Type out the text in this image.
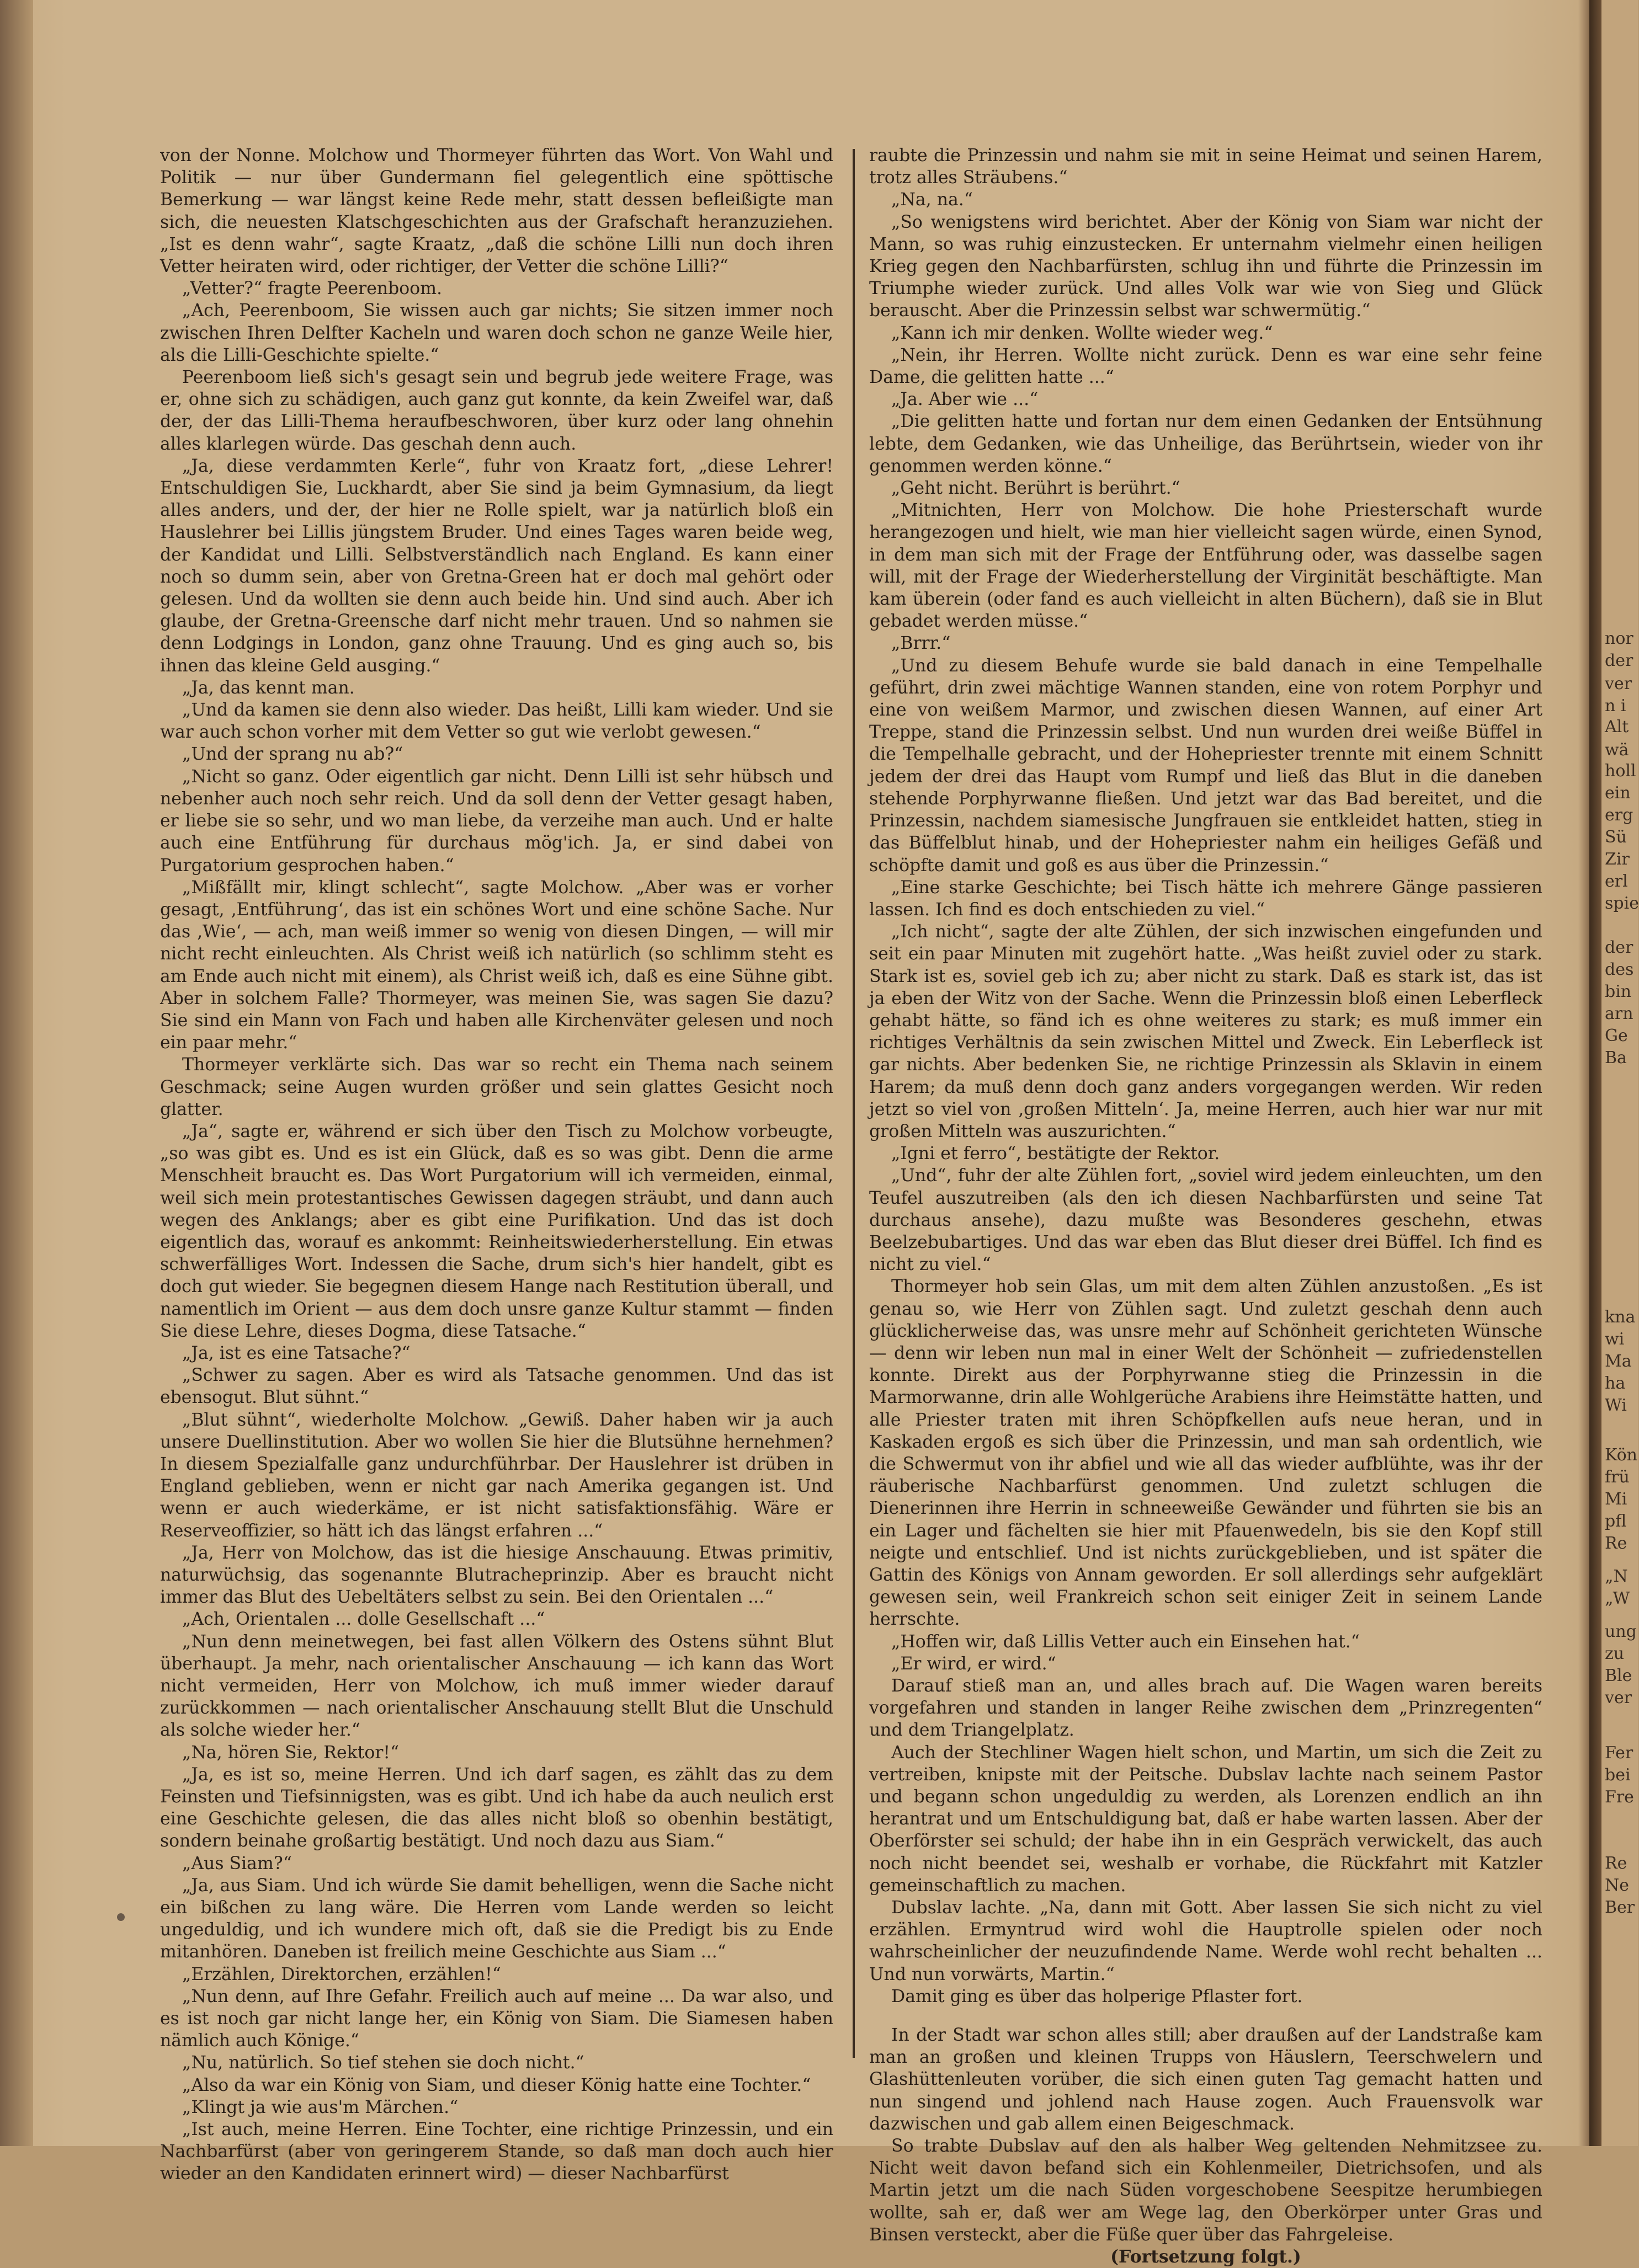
von der Nonne. Molchow und Thormeyer führten das Wort. Von Wahl und Politik — nur über Gundermann fiel gelegentlich eine spöttische Bemerkung — war längst keine Rede mehr, statt dessen befleißigte man sich, die neuesten Klatschgeschichten aus der Grafschaft heranzuziehen. „Ist es denn wahr“, sagte Kraatz, „daß die schöne Lilli nun doch ihren Vetter heiraten wird, oder richtiger, der Vetter die schöne Lilli?“

„Vetter?“ fragte Peerenboom.

„Ach, Peerenboom, Sie wissen auch gar nichts; Sie sitzen immer noch zwischen Ihren Delfter Kacheln und waren doch schon ne ganze Weile hier, als die Lilli-Geschichte spielte.“

Peerenboom ließ sich's gesagt sein und begrub jede weitere Frage, was er, ohne sich zu schädigen, auch ganz gut konnte, da kein Zweifel war, daß der, der das Lilli-Thema heraufbeschworen, über kurz oder lang ohnehin alles klarlegen würde. Das geschah denn auch.

„Ja, diese verdammten Kerle“, fuhr von Kraatz fort, „diese Lehrer! Entschuldigen Sie, Luckhardt, aber Sie sind ja beim Gymnasium, da liegt alles anders, und der, der hier ne Rolle spielt, war ja natürlich bloß ein Hauslehrer bei Lillis jüngstem Bruder. Und eines Tages waren beide weg, der Kandidat und Lilli. Selbstverständlich nach England. Es kann einer noch so dumm sein, aber von Gretna-Green hat er doch mal gehört oder gelesen. Und da wollten sie denn auch beide hin. Und sind auch. Aber ich glaube, der Gretna-Greensche darf nicht mehr trauen. Und so nahmen sie denn Lodgings in London, ganz ohne Trauung. Und es ging auch so, bis ihnen das kleine Geld ausging.“

„Ja, das kennt man.

„Und da kamen sie denn also wieder. Das heißt, Lilli kam wieder. Und sie war auch schon vorher mit dem Vetter so gut wie verlobt gewesen.“

„Und der sprang nu ab?“

„Nicht so ganz. Oder eigentlich gar nicht. Denn Lilli ist sehr hübsch und nebenher auch noch sehr reich. Und da soll denn der Vetter gesagt haben, er liebe sie so sehr, und wo man liebe, da verzeihe man auch. Und er halte auch eine Entführung für durchaus mög'ich. Ja, er sind dabei von Purgatorium gesprochen haben.“

„Mißfällt mir, klingt schlecht“, sagte Molchow. „Aber was er vorher gesagt, ‚Entführung‘, das ist ein schönes Wort und eine schöne Sache. Nur das ‚Wie‘, — ach, man weiß immer so wenig von diesen Dingen, — will mir nicht recht einleuchten. Als Christ weiß ich natürlich (so schlimm steht es am Ende auch nicht mit einem), als Christ weiß ich, daß es eine Sühne gibt. Aber in solchem Falle? Thormeyer, was meinen Sie, was sagen Sie dazu? Sie sind ein Mann von Fach und haben alle Kirchenväter gelesen und noch ein paar mehr.“

Thormeyer verklärte sich. Das war so recht ein Thema nach seinem Geschmack; seine Augen wurden größer und sein glattes Gesicht noch glatter.

„Ja“, sagte er, während er sich über den Tisch zu Molchow vorbeugte, „so was gibt es. Und es ist ein Glück, daß es so was gibt. Denn die arme Menschheit braucht es. Das Wort Purgatorium will ich vermeiden, einmal, weil sich mein protestantisches Gewissen dagegen sträubt, und dann auch wegen des Anklangs; aber es gibt eine Purifikation. Und das ist doch eigentlich das, worauf es ankommt: Reinheitswiederherstellung. Ein etwas schwerfälliges Wort. Indessen die Sache, drum sich's hier handelt, gibt es doch gut wieder. Sie begegnen diesem Hange nach Restitution überall, und namentlich im Orient — aus dem doch unsre ganze Kultur stammt — finden Sie diese Lehre, dieses Dogma, diese Tatsache.“

„Ja, ist es eine Tatsache?“

„Schwer zu sagen. Aber es wird als Tatsache genommen. Und das ist ebensogut. Blut sühnt.“

„Blut sühnt“, wiederholte Molchow. „Gewiß. Daher haben wir ja auch unsere Duellinstitution. Aber wo wollen Sie hier die Blutsühne hernehmen? In diesem Spezialfalle ganz undurchführbar. Der Hauslehrer ist drüben in England geblieben, wenn er nicht gar nach Amerika gegangen ist. Und wenn er auch wiederkäme, er ist nicht satisfaktionsfähig. Wäre er Reserveoffizier, so hätt ich das längst erfahren ...“

„Ja, Herr von Molchow, das ist die hiesige Anschauung. Etwas primitiv, naturwüchsig, das sogenannte Blutracheprinzip. Aber es braucht nicht immer das Blut des Uebeltäters selbst zu sein. Bei den Orientalen ...“

„Ach, Orientalen ... dolle Gesellschaft ...“

„Nun denn meinetwegen, bei fast allen Völkern des Ostens sühnt Blut überhaupt. Ja mehr, nach orientalischer Anschauung — ich kann das Wort nicht vermeiden, Herr von Molchow, ich muß immer wieder darauf zurückkommen — nach orientalischer Anschauung stellt Blut die Unschuld als solche wieder her.“

„Na, hören Sie, Rektor!“

„Ja, es ist so, meine Herren. Und ich darf sagen, es zählt das zu dem Feinsten und Tiefsinnigsten, was es gibt. Und ich habe da auch neulich erst eine Geschichte gelesen, die das alles nicht bloß so obenhin bestätigt, sondern beinahe großartig bestätigt. Und noch dazu aus Siam.“

„Aus Siam?“

„Ja, aus Siam. Und ich würde Sie damit behelligen, wenn die Sache nicht ein bißchen zu lang wäre. Die Herren vom Lande werden so leicht ungeduldig, und ich wundere mich oft, daß sie die Predigt bis zu Ende mitanhören. Daneben ist freilich meine Geschichte aus Siam ...“

„Erzählen, Direktorchen, erzählen!“

„Nun denn, auf Ihre Gefahr. Freilich auch auf meine ... Da war also, und es ist noch gar nicht lange her, ein König von Siam. Die Siamesen haben nämlich auch Könige.“

„Nu, natürlich. So tief stehen sie doch nicht.“

„Also da war ein König von Siam, und dieser König hatte eine Tochter.“

„Klingt ja wie aus'm Märchen.“

„Ist auch, meine Herren. Eine Tochter, eine richtige Prinzessin, und ein Nachbarfürst (aber von geringerem Stande, so daß man doch auch hier wieder an den Kandidaten erinnert wird) — dieser Nachbarfürst

raubte die Prinzessin und nahm sie mit in seine Heimat und seinen Harem, trotz alles Sträubens.“

„Na, na.“

„So wenigstens wird berichtet. Aber der König von Siam war nicht der Mann, so was ruhig einzustecken. Er unternahm vielmehr einen heiligen Krieg gegen den Nachbarfürsten, schlug ihn und führte die Prinzessin im Triumphe wieder zurück. Und alles Volk war wie von Sieg und Glück berauscht. Aber die Prinzessin selbst war schwermütig.“

„Kann ich mir denken. Wollte wieder weg.“

„Nein, ihr Herren. Wollte nicht zurück. Denn es war eine sehr feine Dame, die gelitten hatte ...“

„Ja. Aber wie ...“

„Die gelitten hatte und fortan nur dem einen Gedanken der Entsühnung lebte, dem Gedanken, wie das Unheilige, das Berührtsein, wieder von ihr genommen werden könne.“

„Geht nicht. Berührt is berührt.“

„Mitnichten, Herr von Molchow. Die hohe Priesterschaft wurde herangezogen und hielt, wie man hier vielleicht sagen würde, einen Synod, in dem man sich mit der Frage der Entführung oder, was dasselbe sagen will, mit der Frage der Wiederherstellung der Virginität beschäftigte. Man kam überein (oder fand es auch vielleicht in alten Büchern), daß sie in Blut gebadet werden müsse.“

„Brrr.“

„Und zu diesem Behufe wurde sie bald danach in eine Tempelhalle geführt, drin zwei mächtige Wannen standen, eine von rotem Porphyr und eine von weißem Marmor, und zwischen diesen Wannen, auf einer Art Treppe, stand die Prinzessin selbst. Und nun wurden drei weiße Büffel in die Tempelhalle gebracht, und der Hohepriester trennte mit einem Schnitt jedem der drei das Haupt vom Rumpf und ließ das Blut in die daneben stehende Porphyrwanne fließen. Und jetzt war das Bad bereitet, und die Prinzessin, nachdem siamesische Jungfrauen sie entkleidet hatten, stieg in das Büffelblut hinab, und der Hohepriester nahm ein heiliges Gefäß und schöpfte damit und goß es aus über die Prinzessin.“

„Eine starke Geschichte; bei Tisch hätte ich mehrere Gänge passieren lassen. Ich find es doch entschieden zu viel.“

„Ich nicht“, sagte der alte Zühlen, der sich inzwischen eingefunden und seit ein paar Minuten mit zugehört hatte. „Was heißt zuviel oder zu stark. Stark ist es, soviel geb ich zu; aber nicht zu stark. Daß es stark ist, das ist ja eben der Witz von der Sache. Wenn die Prinzessin bloß einen Leberfleck gehabt hätte, so fänd ich es ohne weiteres zu stark; es muß immer ein richtiges Verhältnis da sein zwischen Mittel und Zweck. Ein Leberfleck ist gar nichts. Aber bedenken Sie, ne richtige Prinzessin als Sklavin in einem Harem; da muß denn doch ganz anders vorgegangen werden. Wir reden jetzt so viel von ‚großen Mitteln‘. Ja, meine Herren, auch hier war nur mit großen Mitteln was auszurichten.“

„Igni et ferro“, bestätigte der Rektor.

„Und“, fuhr der alte Zühlen fort, „soviel wird jedem einleuchten, um den Teufel auszutreiben (als den ich diesen Nachbarfürsten und seine Tat durchaus ansehe), dazu mußte was Besonderes geschehn, etwas Beelzebubartiges. Und das war eben das Blut dieser drei Büffel. Ich find es nicht zu viel.“

Thormeyer hob sein Glas, um mit dem alten Zühlen anzustoßen. „Es ist genau so, wie Herr von Zühlen sagt. Und zuletzt geschah denn auch glücklicherweise das, was unsre mehr auf Schönheit gerichteten Wünsche — denn wir leben nun mal in einer Welt der Schönheit — zufriedenstellen konnte. Direkt aus der Porphyrwanne stieg die Prinzessin in die Marmorwanne, drin alle Wohlgerüche Arabiens ihre Heimstätte hatten, und alle Priester traten mit ihren Schöpfkellen aufs neue heran, und in Kaskaden ergoß es sich über die Prinzessin, und man sah ordentlich, wie die Schwermut von ihr abfiel und wie all das wieder aufblühte, was ihr der räuberische Nachbarfürst genommen. Und zuletzt schlugen die Dienerinnen ihre Herrin in schneeweiße Gewänder und führten sie bis an ein Lager und fächelten sie hier mit Pfauenwedeln, bis sie den Kopf still neigte und entschlief. Und ist nichts zurückgeblieben, und ist später die Gattin des Königs von Annam geworden. Er soll allerdings sehr aufgeklärt gewesen sein, weil Frankreich schon seit einiger Zeit in seinem Lande herrschte.

„Hoffen wir, daß Lillis Vetter auch ein Einsehen hat.“

„Er wird, er wird.“

Darauf stieß man an, und alles brach auf. Die Wagen waren bereits vorgefahren und standen in langer Reihe zwischen dem „Prinzregenten“ und dem Triangelplatz.

Auch der Stechliner Wagen hielt schon, und Martin, um sich die Zeit zu vertreiben, knipste mit der Peitsche. Dubslav lachte nach seinem Pastor und begann schon ungeduldig zu werden, als Lorenzen endlich an ihn herantrat und um Entschuldigung bat, daß er habe warten lassen. Aber der Oberförster sei schuld; der habe ihn in ein Gespräch verwickelt, das auch noch nicht beendet sei, weshalb er vorhabe, die Rückfahrt mit Katzler gemeinschaftlich zu machen.

Dubslav lachte. „Na, dann mit Gott. Aber lassen Sie sich nicht zu viel erzählen. Ermyntrud wird wohl die Hauptrolle spielen oder noch wahrscheinlicher der neuzufindende Name. Werde wohl recht behalten ... Und nun vorwärts, Martin.“

Damit ging es über das holperige Pflaster fort.

In der Stadt war schon alles still; aber draußen auf der Landstraße kam man an großen und kleinen Trupps von Häuslern, Teerschwelern und Glashüttenleuten vorüber, die sich einen guten Tag gemacht hatten und nun singend und johlend nach Hause zogen. Auch Frauensvolk war dazwischen und gab allem einen Beigeschmack.

So trabte Dubslav auf den als halber Weg geltenden Nehmitzsee zu. Nicht weit davon befand sich ein Kohlenmeiler, Dietrichsofen, und als Martin jetzt um die nach Süden vorgeschobene Seespitze herumbiegen wollte, sah er, daß wer am Wege lag, den Oberkörper unter Gras und Binsen versteckt, aber die Füße quer über das Fahrgeleise.

(Fortsetzung folgt.)

nor
der
ver
n i
Alt
wä
holl
ein
erg
Sü
Zir
erl
spie
der
des
bin
arn
Ge
Ba
kna
wi
Ma
ha
Wi
Kön
frü
Mi
pfl
Re
„N
„W
ung
zu
Ble
ver
Fer
bei
Fre
Re
Ne
Ber
